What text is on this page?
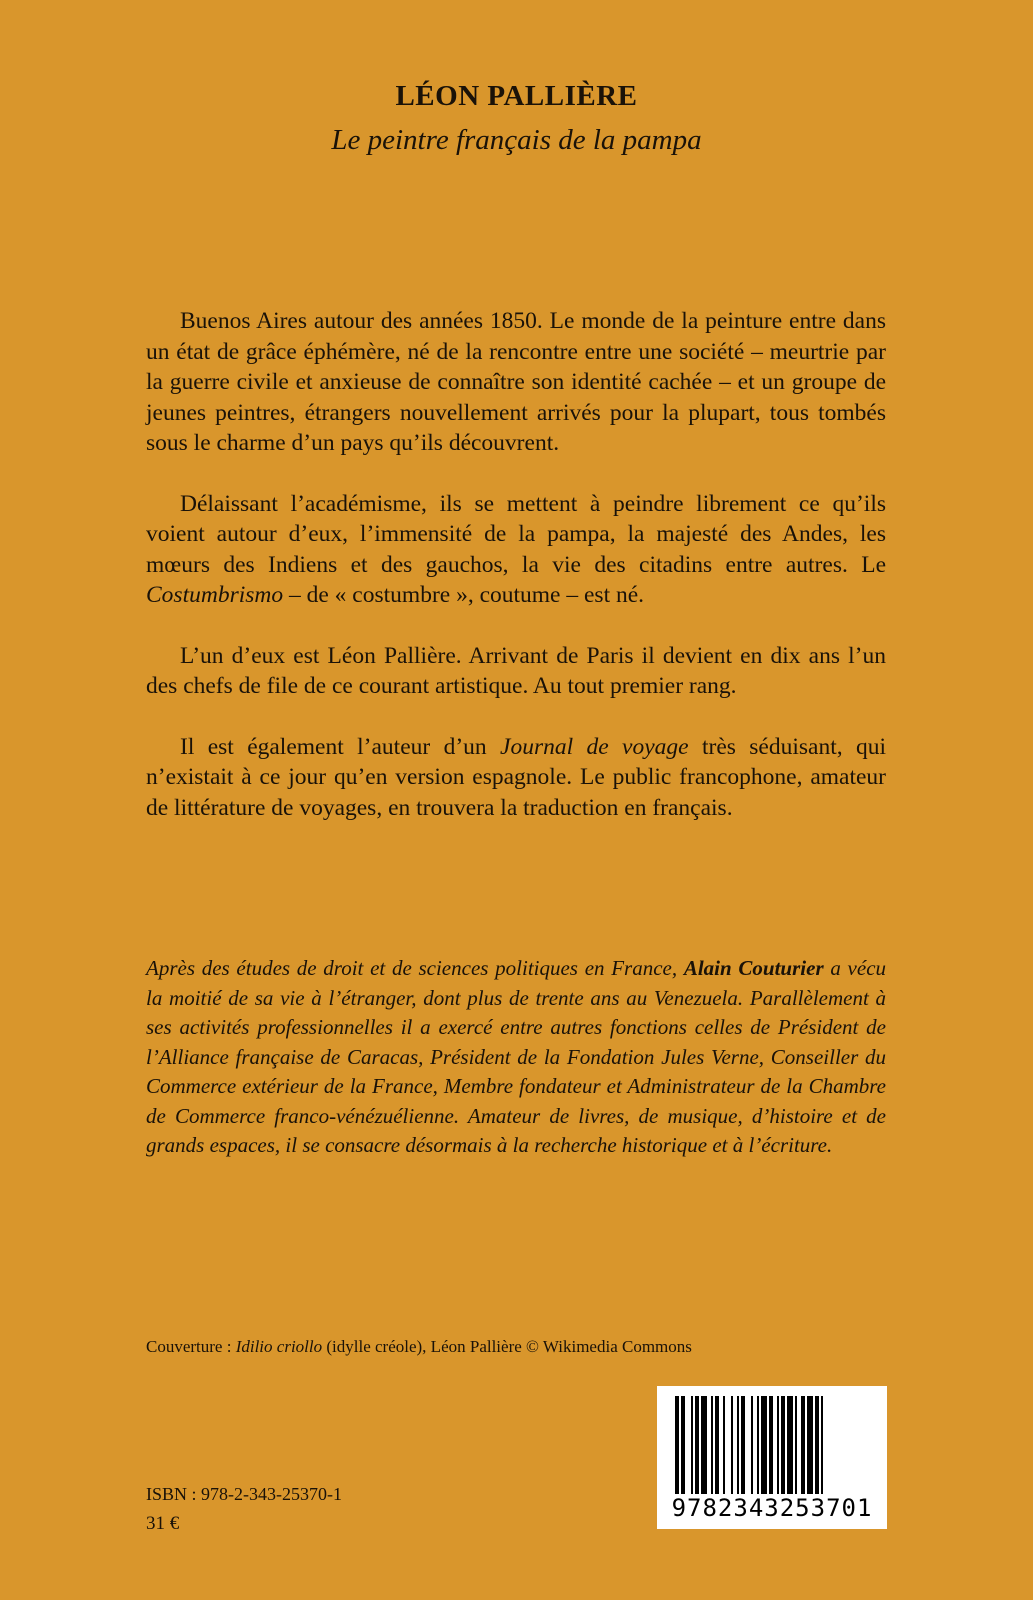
LÉON PALLIÈRE
Le peintre français de la pampa

Buenos Aires autour des années 1850. Le monde de la peinture entre dans un état de grâce éphémère, né de la rencontre entre une société – meurtrie par la guerre civile et anxieuse de connaître son identité cachée – et un groupe de jeunes peintres, étrangers nouvellement arrivés pour la plupart, tous tombés sous le charme d’un pays qu’ils découvrent.

Délaissant l’académisme, ils se mettent à peindre librement ce qu’ils voient autour d’eux, l’immensité de la pampa, la majesté des Andes, les mœurs des Indiens et des gauchos, la vie des citadins entre autres. Le Costumbrismo – de « costumbre », coutume – est né.

L’un d’eux est Léon Pallière. Arrivant de Paris il devient en dix ans l’un des chefs de file de ce courant artistique. Au tout premier rang.

Il est également l’auteur d’un Journal de voyage très séduisant, qui n’existait à ce jour qu’en version espagnole. Le public francophone, amateur de littérature de voyages, en trouvera la traduction en français.

Après des études de droit et de sciences politiques en France, Alain Couturier a vécu la moitié de sa vie à l’étranger, dont plus de trente ans au Venezuela. Parallèlement à ses activités professionnelles il a exercé entre autres fonctions celles de Président de l’Alliance française de Caracas, Président de la Fondation Jules Verne, Conseiller du Commerce extérieur de la France, Membre fondateur et Administrateur de la Chambre de Commerce franco-vénézuélienne. Amateur de livres, de musique, d’histoire et de grands espaces, il se consacre désormais à la recherche historique et à l’écriture.
Couverture : Idilio criollo (idylle créole), Léon Pallière © Wikimedia Commons
ISBN : 978-2-343-25370-1
31 €
9782343253701
